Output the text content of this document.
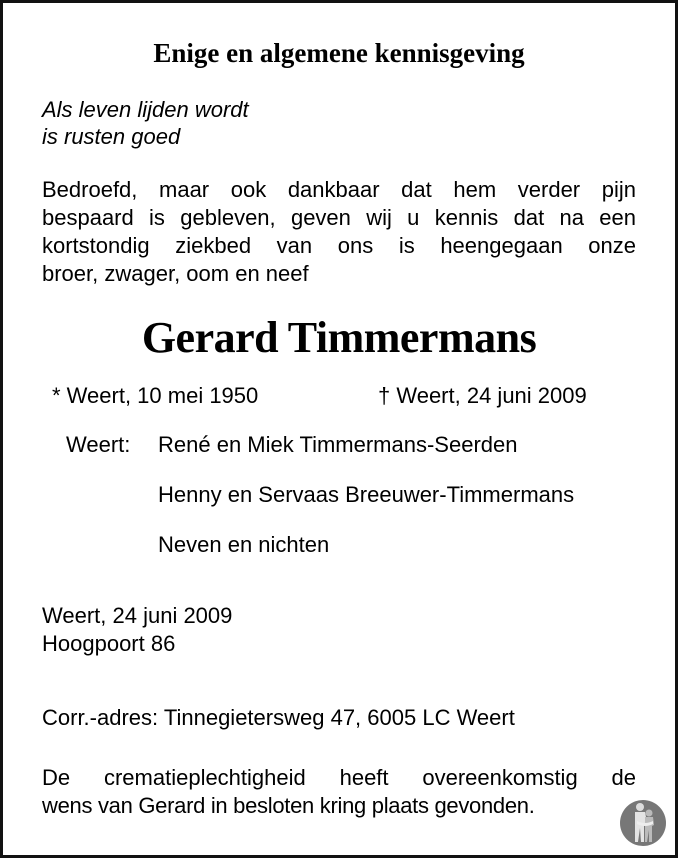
Enige en algemene kennisgeving
Als leven lijden wordt
is rusten goed
Bedroefd, maar ook dankbaar dat hem verder pijn
bespaard is gebleven, geven wij u kennis dat na een
kortstondig ziekbed van ons is heengegaan onze
broer, zwager, oom en neef
Gerard Timmermans
* Weert, 10 mei 1950	† Weert, 24 juni 2009
Weert: René en Miek Timmermans-Seerden
Henny en Servaas Breeuwer-Timmermans
Neven en nichten
Weert, 24 juni 2009
Hoogpoort 86
Corr.-adres: Tinnegietersweg 47, 6005 LC Weert
De crematieplechtigheid heeft overeenkomstig de
wens van Gerard in besloten kring plaats gevonden.
